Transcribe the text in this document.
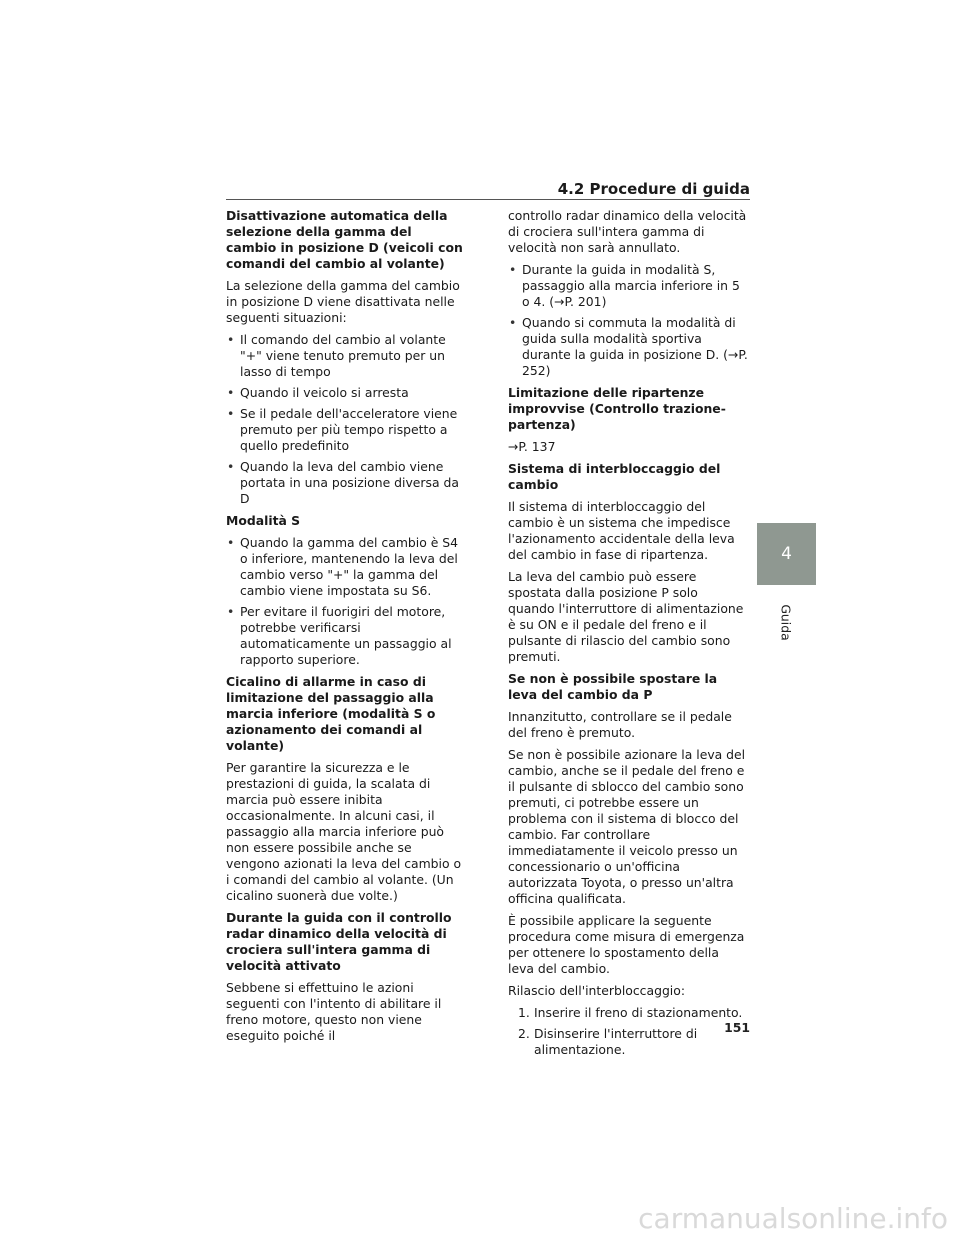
4.2 Procedure di guida
Disattivazione automatica della selezione della gamma del cambio in posizione D (veicoli con comandi del cambio al volante)

La selezione della gamma del cambio in posizione D viene disattivata nelle seguenti situazioni:

• Il comando del cambio al volante "+" viene tenuto premuto per un lasso di tempo
• Quando il veicolo si arresta
• Se il pedale dell'acceleratore viene premuto per più tempo rispetto a quello predefinito
• Quando la leva del cambio viene portata in una posizione diversa da D
Modalità S
• Quando la gamma del cambio è S4 o inferiore, mantenendo la leva del cambio verso "+" la gamma del cambio viene impostata su S6.
• Per evitare il fuorigiri del motore, potrebbe verificarsi automaticamente un passaggio al rapporto superiore.
Cicalino di allarme in caso di limitazione del passaggio alla marcia inferiore (modalità S o azionamento dei comandi al volante)

Per garantire la sicurezza e le prestazioni di guida, la scalata di marcia può essere inibita occasionalmente. In alcuni casi, il passaggio alla marcia inferiore può non essere possibile anche se vengono azionati la leva del cambio o i comandi del cambio al volante. (Un cicalino suonerà due volte.)

Durante la guida con il controllo radar dinamico della velocità di crociera sull'intera gamma di velocità attivato

Sebbene si effettuino le azioni seguenti con l'intento di abilitare il freno motore, questo non viene eseguito poiché il

controllo radar dinamico della velocità di crociera sull'intera gamma di velocità non sarà annullato.

• Durante la guida in modalità S, passaggio alla marcia inferiore in 5 o 4. (→P. 201)
• Quando si commuta la modalità di guida sulla modalità sportiva durante la guida in posizione D. (→P. 252)
Limitazione delle ripartenze improvvise (Controllo trazione-partenza)

→P. 137

Sistema di interbloccaggio del cambio

Il sistema di interbloccaggio del cambio è un sistema che impedisce l'azionamento accidentale della leva del cambio in fase di ripartenza.

La leva del cambio può essere spostata dalla posizione P solo quando l'interruttore di alimentazione è su ON e il pedale del freno e il pulsante di rilascio del cambio sono premuti.

Se non è possibile spostare la leva del cambio da P

Innanzitutto, controllare se il pedale del freno è premuto.

Se non è possibile azionare la leva del cambio, anche se il pedale del freno e il pulsante di sblocco del cambio sono premuti, ci potrebbe essere un problema con il sistema di blocco del cambio. Far controllare immediatamente il veicolo presso un concessionario o un'officina autorizzata Toyota, o presso un'altra officina qualificata.

È possibile applicare la seguente procedura come misura di emergenza per ottenere lo spostamento della leva del cambio.

Rilascio dell'interbloccaggio:

1. Inserire il freno di stazionamento.
2. Disinserire l'interruttore di alimentazione.
4
Guida
151
carmanualsonline.info
